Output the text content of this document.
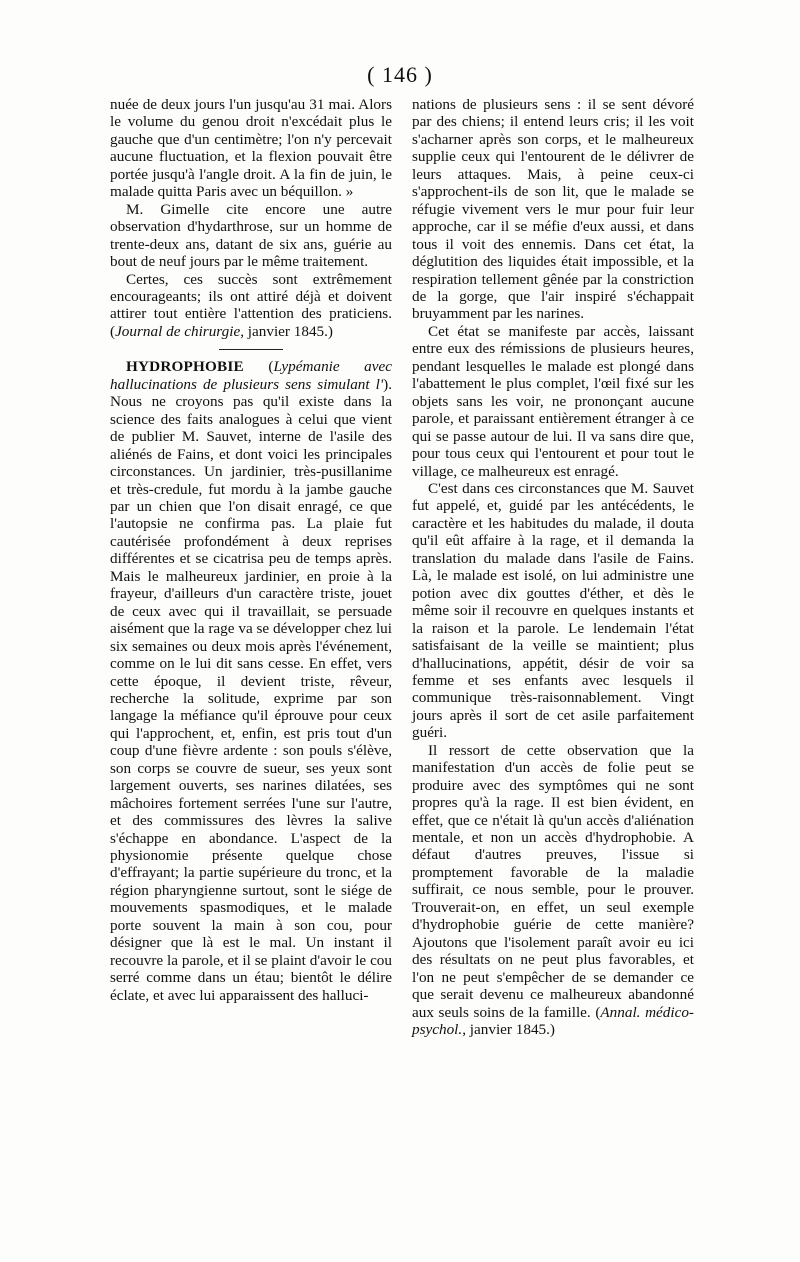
( 146 )

nuée de deux jours l'un jusqu'au 31 mai. Alors le volume du genou droit n'excédait plus le gauche que d'un centimètre; l'on n'y percevait aucune fluctuation, et la flexion pouvait être portée jusqu'à l'angle droit. A la fin de juin, le malade quitta Paris avec un béquillon. »

M. Gimelle cite encore une autre observation d'hydarthrose, sur un homme de trente-deux ans, datant de six ans, guérie au bout de neuf jours par le même traitement.

Certes, ces succès sont extrêmement encourageants; ils ont attiré déjà et doivent attirer tout entière l'attention des praticiens. (Journal de chirurgie, janvier 1845.)

HYDROPHOBIE (Lypémanie avec hallucinations de plusieurs sens simulant l'). Nous ne croyons pas qu'il existe dans la science des faits analogues à celui que vient de publier M. Sauvet, interne de l'asile des aliénés de Fains, et dont voici les principales circonstances. Un jardinier, très-pusillanime et très-credule, fut mordu à la jambe gauche par un chien que l'on disait enragé, ce que l'autopsie ne confirma pas. La plaie fut cautérisée profondément à deux reprises différentes et se cicatrisa peu de temps après. Mais le malheureux jardinier, en proie à la frayeur, d'ailleurs d'un caractère triste, jouet de ceux avec qui il travaillait, se persuade aisément que la rage va se développer chez lui six semaines ou deux mois après l'événement, comme on le lui dit sans cesse. En effet, vers cette époque, il devient triste, rêveur, recherche la solitude, exprime par son langage la méfiance qu'il éprouve pour ceux qui l'approchent, et, enfin, est pris tout d'un coup d'une fièvre ardente : son pouls s'élève, son corps se couvre de sueur, ses yeux sont largement ouverts, ses narines dilatées, ses mâchoires fortement serrées l'une sur l'autre, et des commissures des lèvres la salive s'échappe en abondance. L'aspect de la physionomie présente quelque chose d'effrayant; la partie supérieure du tronc, et la région pharyngienne surtout, sont le siége de mouvements spasmodiques, et le malade porte souvent la main à son cou, pour désigner que là est le mal. Un instant il recouvre la parole, et il se plaint d'avoir le cou serré comme dans un étau; bientôt le délire éclate, et avec lui apparaissent des halluci-

nations de plusieurs sens : il se sent dévoré par des chiens; il entend leurs cris; il les voit s'acharner après son corps, et le malheureux supplie ceux qui l'entourent de le délivrer de leurs attaques. Mais, à peine ceux-ci s'approchent-ils de son lit, que le malade se réfugie vivement vers le mur pour fuir leur approche, car il se méfie d'eux aussi, et dans tous il voit des ennemis. Dans cet état, la déglutition des liquides était impossible, et la respiration tellement gênée par la constriction de la gorge, que l'air inspiré s'échappait bruyamment par les narines.

Cet état se manifeste par accès, laissant entre eux des rémissions de plusieurs heures, pendant lesquelles le malade est plongé dans l'abattement le plus complet, l'œil fixé sur les objets sans les voir, ne prononçant aucune parole, et paraissant entièrement étranger à ce qui se passe autour de lui. Il va sans dire que, pour tous ceux qui l'entourent et pour tout le village, ce malheureux est enragé.

C'est dans ces circonstances que M. Sauvet fut appelé, et, guidé par les antécédents, le caractère et les habitudes du malade, il douta qu'il eût affaire à la rage, et il demanda la translation du malade dans l'asile de Fains. Là, le malade est isolé, on lui administre une potion avec dix gouttes d'éther, et dès le même soir il recouvre en quelques instants et la raison et la parole. Le lendemain l'état satisfaisant de la veille se maintient; plus d'hallucinations, appétit, désir de voir sa femme et ses enfants avec lesquels il communique très-raisonnablement. Vingt jours après il sort de cet asile parfaitement guéri.

Il ressort de cette observation que la manifestation d'un accès de folie peut se produire avec des symptômes qui ne sont propres qu'à la rage. Il est bien évident, en effet, que ce n'était là qu'un accès d'aliénation mentale, et non un accès d'hydrophobie. A défaut d'autres preuves, l'issue si promptement favorable de la maladie suffirait, ce nous semble, pour le prouver. Trouverait-on, en effet, un seul exemple d'hydrophobie guérie de cette manière? Ajoutons que l'isolement paraît avoir eu ici des résultats on ne peut plus favorables, et l'on ne peut s'empêcher de se demander ce que serait devenu ce malheureux abandonné aux seuls soins de la famille. (Annal. médico-psychol., janvier 1845.)
